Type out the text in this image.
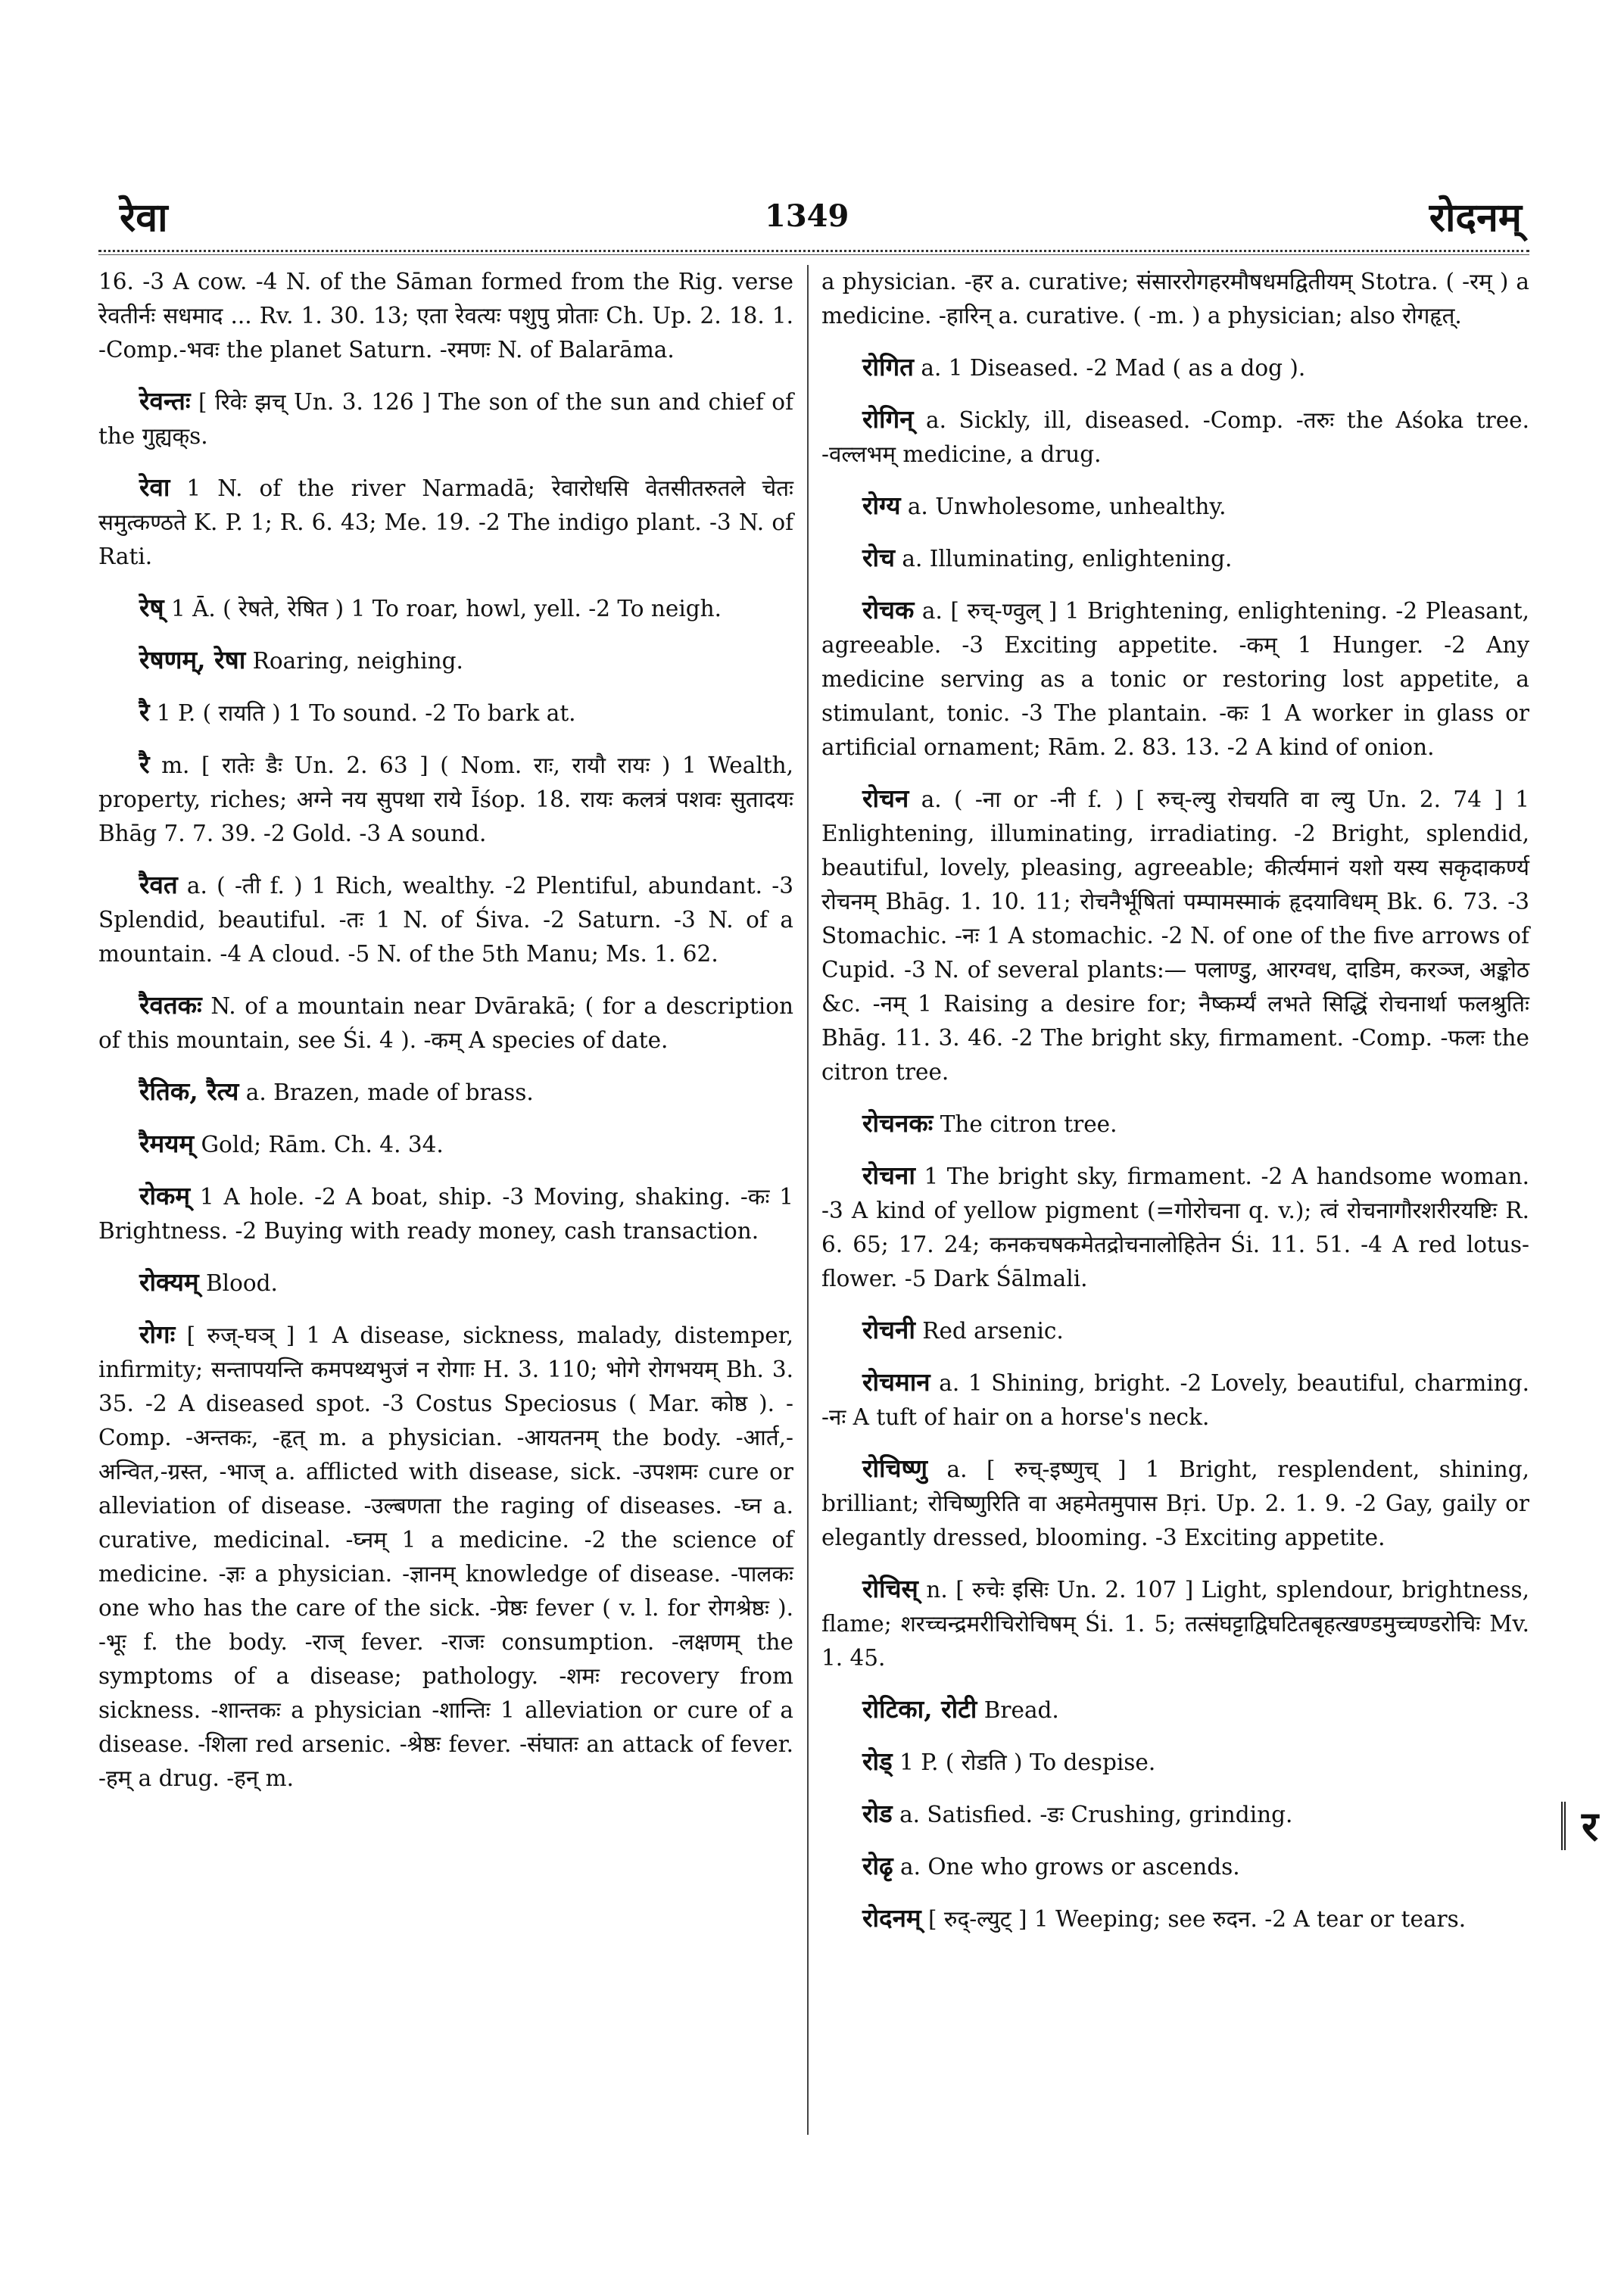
रेवा	1349	रोदनम्

16. -3 A cow. -4 N. of the Sāman formed from the Rig. verse रेवतीर्नः सधमाद ... Rv. 1. 30. 13; एता रेवत्यः पशुपु प्रोताः Ch. Up. 2. 18. 1. -Comp.-भवः the planet Saturn. -रमणः N. of Balarāma.

रेवन्तः [ रिवेः झच् Un. 3. 126 ] The son of the sun and chief of the गुह्यक्s.

रेवा 1 N. of the river Narmadā; रेवारोधसि वेतसीतरुतले चेतः समुत्कण्ठते K. P. 1; R. 6. 43; Me. 19. -2 The indigo plant. -3 N. of Rati.

रेष् 1 Ā. ( रेषते, रेषित ) 1 To roar, howl, yell. -2 To neigh.

रेषणम्, रेषा Roaring, neighing.

रै 1 P. ( रायति ) 1 To sound. -2 To bark at.

रै m. [ रातेः डैः Un. 2. 63 ] ( Nom. राः, रायौ रायः ) 1 Wealth, property, riches; अग्ने नय सुपथा राये Īśop. 18. रायः कलत्रं पशवः सुतादयः Bhāg 7. 7. 39. -2 Gold. -3 A sound.

रैवत a. ( -ती f. ) 1 Rich, wealthy. -2 Plentiful, abundant. -3 Splendid, beautiful. -तः 1 N. of Śiva. -2 Saturn. -3 N. of a mountain. -4 A cloud. -5 N. of the 5th Manu; Ms. 1. 62.

रैवतकः N. of a mountain near Dvārakā; ( for a description of this mountain, see Śi. 4 ). -कम् A species of date.

रैतिक, रैत्य a. Brazen, made of brass.

रैमयम् Gold; Rām. Ch. 4. 34.

रोकम् 1 A hole. -2 A boat, ship. -3 Moving, shaking. -कः 1 Brightness. -2 Buying with ready money, cash transaction.

रोक्यम् Blood.

रोगः [ रुज्-घञ् ] 1 A disease, sickness, malady, distemper, infirmity; सन्तापयन्ति कमपथ्यभुजं न रोगाः H. 3. 110; भोगे रोगभयम् Bh. 3. 35. -2 A diseased spot. -3 Costus Speciosus ( Mar. कोष्ठ ). -Comp. -अन्तकः, -हृत् m. a physician. -आयतनम् the body. -आर्त,-अन्वित,-ग्रस्त, -भाज् a. afflicted with disease, sick. -उपशमः cure or alleviation of disease. -उल्बणता the raging of diseases. -घ्न a. curative, medicinal. -घ्नम् 1 a medicine. -2 the science of medicine. -ज्ञः a physician. -ज्ञानम् knowledge of disease. -पालकः one who has the care of the sick. -प्रेष्ठः fever ( v. l. for रोगश्रेष्ठः ). -भूः f. the body. -राज् fever. -राजः consumption. -लक्षणम् the symptoms of a disease; pathology. -शमः recovery from sickness. -शान्तकः a physician -शान्तिः 1 alleviation or cure of a disease. -शिला red arsenic. -श्रेष्ठः fever. -संघातः an attack of fever. -हम् a drug. -हन् m.

a physician. -हर a. curative; संसाररोगहरमौषधमद्वितीयम् Stotra. ( -रम् ) a medicine. -हारिन् a. curative. ( -m. ) a physician; also रोगहृत्.

रोगित a. 1 Diseased. -2 Mad ( as a dog ).

रोगिन् a. Sickly, ill, diseased. -Comp. -तरुः the Aśoka tree. -वल्लभम् medicine, a drug.

रोग्य a. Unwholesome, unhealthy.

रोच a. Illuminating, enlightening.

रोचक a. [ रुच्-ण्वुल् ] 1 Brightening, enlightening. -2 Pleasant, agreeable. -3 Exciting appetite. -कम् 1 Hunger. -2 Any medicine serving as a tonic or restoring lost appetite, a stimulant, tonic. -3 The plantain. -कः 1 A worker in glass or artificial ornament; Rām. 2. 83. 13. -2 A kind of onion.

रोचन a. ( -ना or -नी f. ) [ रुच्-ल्यु रोचयति वा ल्यु Un. 2. 74 ] 1 Enlightening, illuminating, irradiating. -2 Bright, splendid, beautiful, lovely, pleasing, agreeable; कीर्त्यमानं यशो यस्य सकृदाकर्ण्य रोचनम् Bhāg. 1. 10. 11; रोचनैर्भूषितां पम्पामस्माकं हृदयाविधम् Bk. 6. 73. -3 Stomachic. -नः 1 A stomachic. -2 N. of one of the five arrows of Cupid. -3 N. of several plants:— पलाण्डु, आरग्वध, दाडिम, करञ्ज, अङ्कोठ &c. -नम् 1 Raising a desire for; नैष्कर्म्यं लभते सिद्धिं रोचनार्था फलश्रुतिः Bhāg. 11. 3. 46. -2 The bright sky, firmament. -Comp. -फलः the citron tree.

रोचनकः The citron tree.

रोचना 1 The bright sky, firmament. -2 A handsome woman. -3 A kind of yellow pigment (=गोरोचना q. v.); त्वं रोचनागौरशरीरयष्टिः R. 6. 65; 17. 24; कनकचषकमेतद्रोचनालोहितेन Śi. 11. 51. -4 A red lotus-flower. -5 Dark Śālmali.

रोचनी Red arsenic.

रोचमान a. 1 Shining, bright. -2 Lovely, beautiful, charming. -नः A tuft of hair on a horse's neck.

रोचिष्णु a. [ रुच्-इष्णुच् ] 1 Bright, resplendent, shining, brilliant; रोचिष्णुरिति वा अहमेतमुपास Bṛi. Up. 2. 1. 9. -2 Gay, gaily or elegantly dressed, blooming. -3 Exciting appetite.

रोचिस् n. [ रुचेः इसिः Un. 2. 107 ] Light, splendour, brightness, flame; शरच्चन्द्रमरीचिरोचिषम् Śi. 1. 5; तत्संघट्टाद्विघटितबृहत्खण्डमुच्चण्डरोचिः Mv. 1. 45.

रोटिका, रोटी Bread.

रोड् 1 P. ( रोडति ) To despise.

रोड a. Satisfied. -डः Crushing, grinding.

रोढृ a. One who grows or ascends.

रोदनम् [ रुद्-ल्युट् ] 1 Weeping; see रुदन. -2 A tear or tears.

र
